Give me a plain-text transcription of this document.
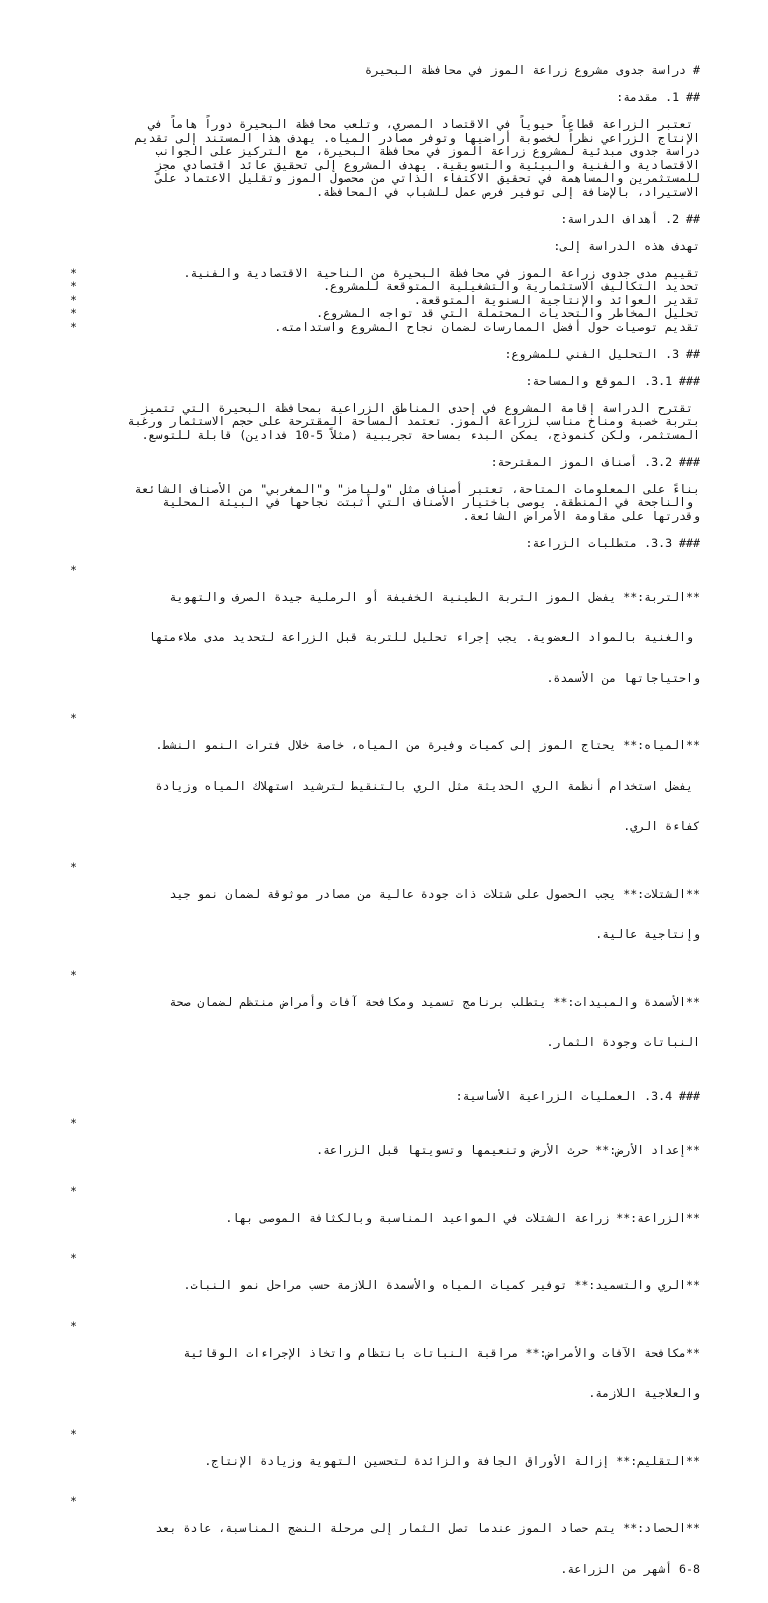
# دراسة جدوى مشروع زراعة الموز في محافظة البحيرة
## 1. مقدمة:
تعتبر الزراعة قطاعاً حيوياً في الاقتصاد المصري، وتلعب محافظة البحيرة دوراً هاماً في
الإنتاج الزراعي نظراً لخصوبة أراضيها وتوفر مصادر المياه. يهدف هذا المستند إلى تقديم
دراسة جدوى مبدئية لمشروع زراعة الموز في محافظة البحيرة، مع التركيز على الجوانب
الاقتصادية والفنية والبيئية والتسويقية. يهدف المشروع إلى تحقيق عائد اقتصادي مجزٍ
للمستثمرين والمساهمة في تحقيق الاكتفاء الذاتي من محصول الموز وتقليل الاعتماد على
الاستيراد، بالإضافة إلى توفير فرص عمل للشباب في المحافظة.
## 2. أهداف الدراسة:
تهدف هذه الدراسة إلى:
*	تقييم مدى جدوى زراعة الموز في محافظة البحيرة من الناحية الاقتصادية والفنية.
*	تحديد التكاليف الاستثمارية والتشغيلية المتوقعة للمشروع.
*	تقدير العوائد والإنتاجية السنوية المتوقعة.
*	تحليل المخاطر والتحديات المحتملة التي قد تواجه المشروع.
*	تقديم توصيات حول أفضل الممارسات لضمان نجاح المشروع واستدامته.
## 3. التحليل الفني للمشروع:
### 3.1. الموقع والمساحة:
تقترح الدراسة إقامة المشروع في إحدى المناطق الزراعية بمحافظة البحيرة التي تتميز
بتربة خصبة ومناخ مناسب لزراعة الموز. تعتمد المساحة المقترحة على حجم الاستثمار ورغبة
المستثمر، ولكن كنموذج، يمكن البدء بمساحة تجريبية (مثلاً 5-10 فدادين) قابلة للتوسع.
### 3.2. أصناف الموز المقترحة:
بناءً على المعلومات المتاحة، تعتبر أصناف مثل "وليامز" و"المغربي" من الأصناف الشائعة
والناجحة في المنطقة. يوصى باختيار الأصناف التي أثبتت نجاحها في البيئة المحلية
وقدرتها على مقاومة الأمراض الشائعة.
### 3.3. متطلبات الزراعة:
*

**التربة:** يفضل الموز التربة الطينية الخفيفة أو الرملية جيدة الصرف والتهوية

والغنية بالمواد العضوية. يجب إجراء تحليل للتربة قبل الزراعة لتحديد مدى ملاءمتها

واحتياجاتها من الأسمدة.

*

**المياه:** يحتاج الموز إلى كميات وفيرة من المياه، خاصة خلال فترات النمو النشط.

يفضل استخدام أنظمة الري الحديثة مثل الري بالتنقيط لترشيد استهلاك المياه وزيادة

كفاءة الري.

*

**الشتلات:** يجب الحصول على شتلات ذات جودة عالية من مصادر موثوقة لضمان نمو جيد

وإنتاجية عالية.

*

**الأسمدة والمبيدات:** يتطلب برنامج تسميد ومكافحة آفات وأمراض منتظم لضمان صحة

النباتات وجودة الثمار.

### 3.4. العمليات الزراعية الأساسية:
*

**إعداد الأرض:** حرث الأرض وتنعيمها وتسويتها قبل الزراعة.

*

**الزراعة:** زراعة الشتلات في المواعيد المناسبة وبالكثافة الموصى بها.

*

**الري والتسميد:** توفير كميات المياه والأسمدة اللازمة حسب مراحل نمو النبات.

*

**مكافحة الآفات والأمراض:** مراقبة النباتات بانتظام واتخاذ الإجراءات الوقائية

والعلاجية اللازمة.

*

**التقليم:** إزالة الأوراق الجافة والزائدة لتحسين التهوية وزيادة الإنتاج.

*

**الحصاد:** يتم حصاد الموز عندما تصل الثمار إلى مرحلة النضج المناسبة، عادة بعد

6-8 أشهر من الزراعة.
